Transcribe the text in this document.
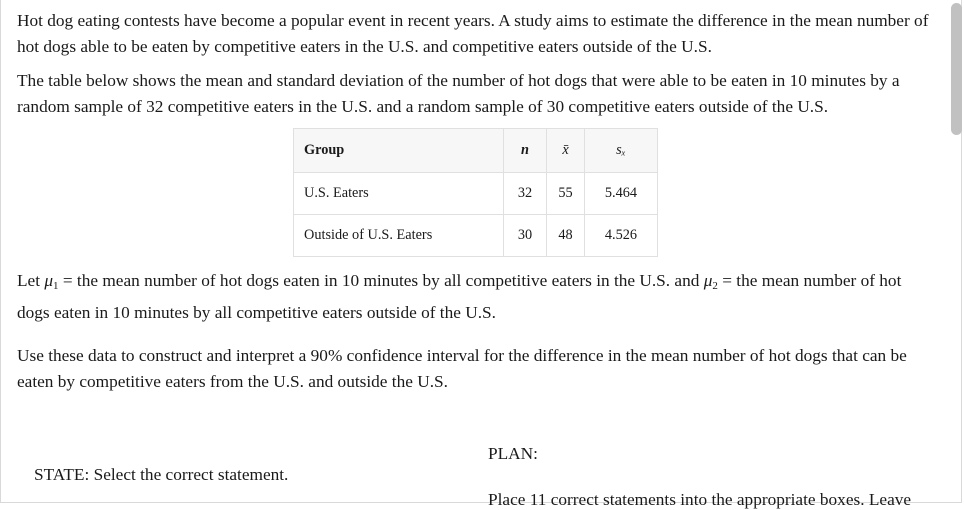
Hot dog eating contests have become a popular event in recent years. A study aims to estimate the difference in the mean number of hot dogs able to be eaten by competitive eaters in the U.S. and competitive eaters outside of the U.S.

The table below shows the mean and standard deviation of the number of hot dogs that were able to be eaten in 10 minutes by a random sample of 32 competitive eaters in the U.S. and a random sample of 30 competitive eaters outside of the U.S.

Let $\mu_1$ = the mean number of hot dogs eaten in 10 minutes by all competitive eaters in the U.S. and $\mu_2$ = the mean number of hot dogs eaten in 10 minutes by all competitive eaters outside of the U.S.

Use these data to construct and interpret a 90% confidence interval for the difference in the mean number of hot dogs that can be eaten by competitive eaters from the U.S. and outside the U.S.

Group	n	x̄	sₓ
U.S. Eaters	32	55	5.464
Outside of U.S. Eaters	30	48	4.526
PLAN:
STATE: Select the correct statement.
Place 11 correct statements into the appropriate boxes. Leave
